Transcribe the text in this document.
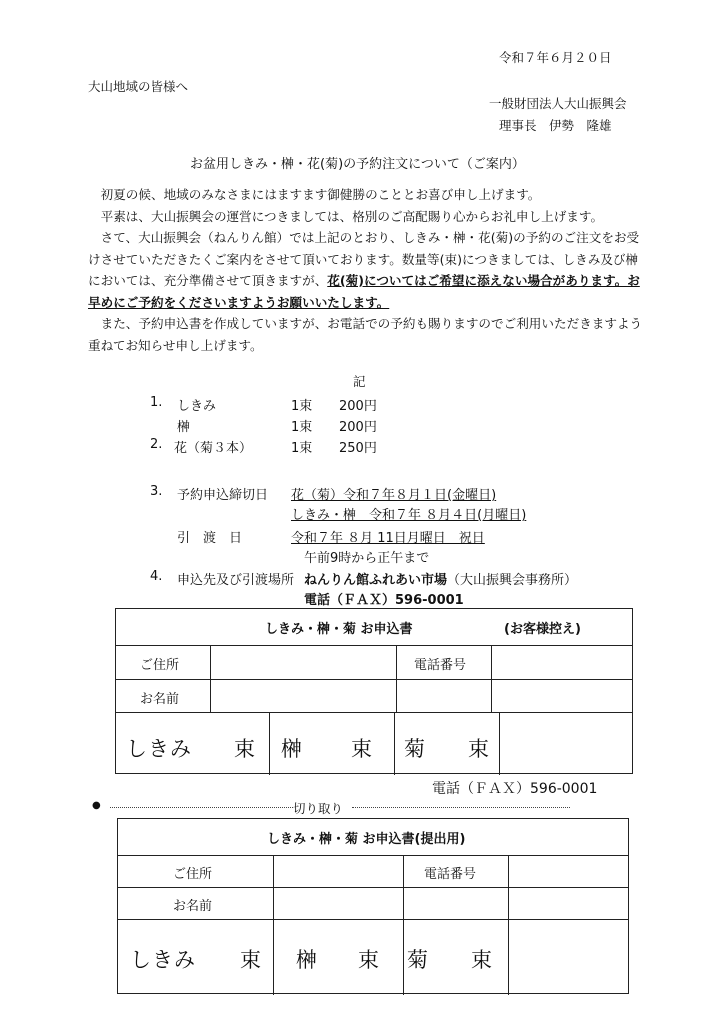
令和７年６月２０日
大山地域の皆様へ
一般財団法人大山振興会
理事長　伊勢　隆雄
お盆用しきみ・榊・花(菊)の予約注文について（ご案内）

初夏の候、地域のみなさまにはますます御健勝のこととお喜び申し上げます。

平素は、大山振興会の運営につきましては、格別のご高配賜り心からお礼申し上げます。

さて、大山振興会（ねんりん館）では上記のとおり、しきみ・榊・花(菊)の予約のご注文をお受けさせていただきたくご案内をさせて頂いております。数量等(束)につきましては、しきみ及び榊においては、充分準備させて頂きますが、花(菊)についてはご希望に添えない場合があります。お早めにご予約をくださいますようお願いいたします。

また、予約申込書を作成していますが、お電話での予約も賜りますのでご利用いただきますよう重ねてお知らせ申し上げます。

記
1. しきみ	1束 200円
榊	1束 200円
2. 花（菊３本）	1束 250円
3. 予約申込締切日 花（菊）令和７年８月１日(金曜日)
しきみ・榊　令和７年 ８月４日(月曜日)
引　渡　日	令和７年 ８月 11日月曜日　祝日
午前9時から正午まで
4. 申込先及び引渡場所 ねんりん館ふれあい市場（大山振興会事務所）
電話（ＦＡＸ）596-0001
しきみ・榊・菊 お申込書	(お客様控え)
ご住所	電話番号
お名前
しきみ 束 榊 束 菊 束
電話（ＦＡＸ）596-0001
●	切り取り
しきみ・榊・菊 お申込書(提出用)
ご住所	電話番号
お名前
しきみ 束 榊 束 菊 束
